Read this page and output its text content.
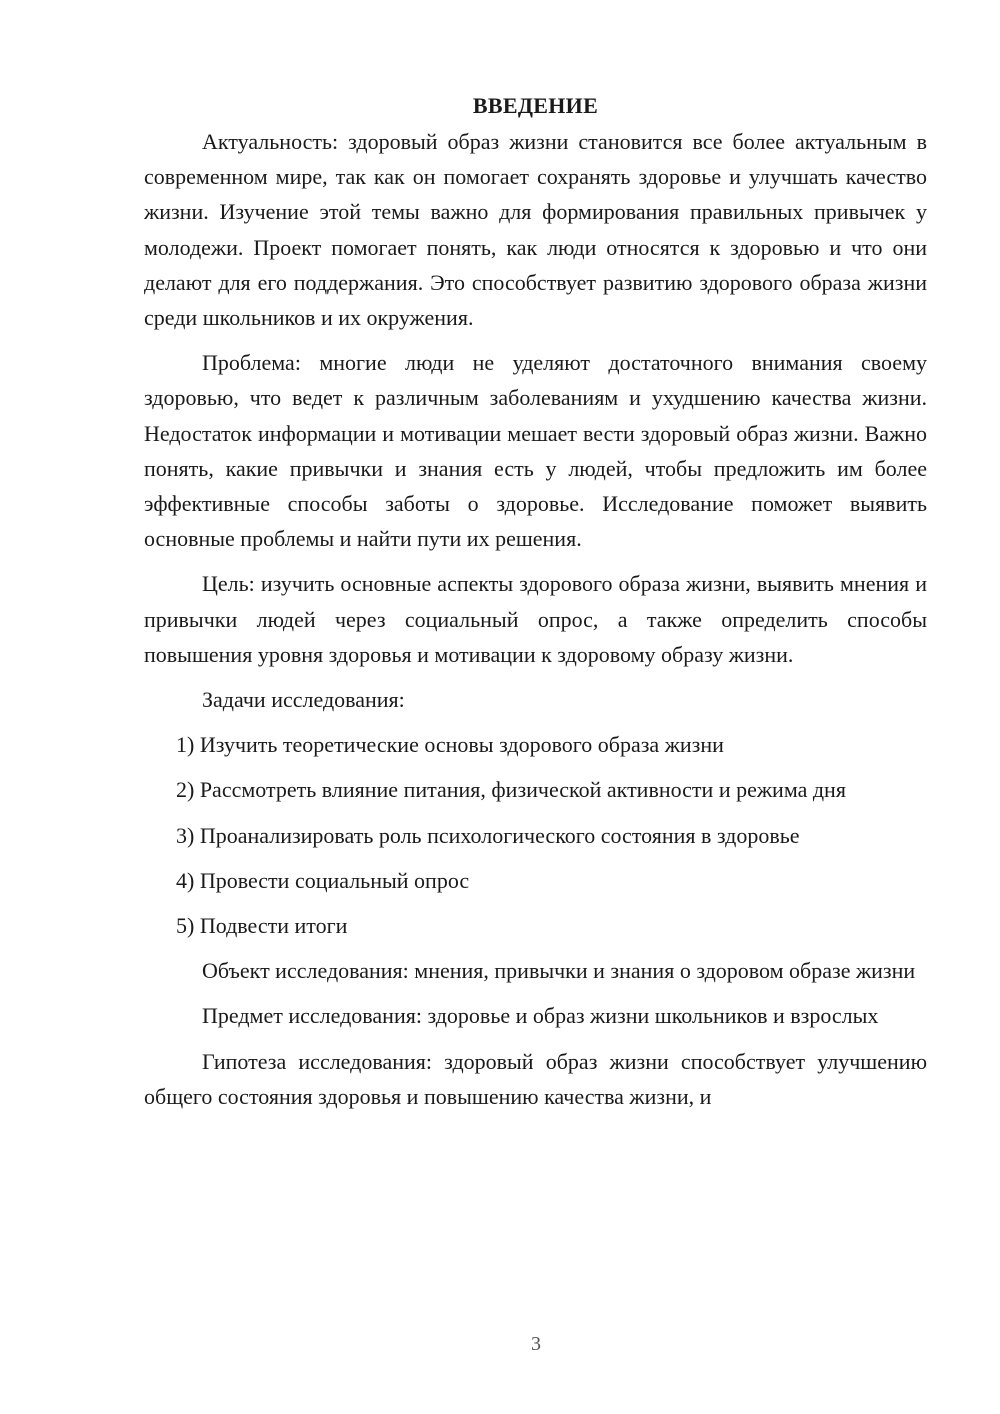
ВВЕДЕНИЕ

Актуальность: здоровый образ жизни становится все более актуальным в современном мире, так как он помогает сохранять здоровье и улучшать качество жизни. Изучение этой темы важно для формирования правильных привычек у молодежи. Проект помогает понять, как люди относятся к здоровью и что они делают для его поддержания. Это способствует развитию здорового образа жизни среди школьников и их окружения.

Проблема: многие люди не уделяют достаточного внимания своему здоровью, что ведет к различным заболеваниям и ухудшению качества жизни. Недостаток информации и мотивации мешает вести здоровый образ жизни. Важно понять, какие привычки и знания есть у людей, чтобы предложить им более эффективные способы заботы о здоровье. Исследование поможет выявить основные проблемы и найти пути их решения.

Цель: изучить основные аспекты здорового образа жизни, выявить мнения и привычки людей через социальный опрос, а также определить способы повышения уровня здоровья и мотивации к здоровому образу жизни.

Задачи исследования:

1) Изучить теоретические основы здорового образа жизни
2) Рассмотреть влияние питания, физической активности и режима дня
3) Проанализировать роль психологического состояния в здоровье
4) Провести социальный опрос
5) Подвести итоги

Объект исследования: мнения, привычки и знания о здоровом образе жизни

Предмет исследования: здоровье и образ жизни школьников и взрослых

Гипотеза исследования: здоровый образ жизни способствует улучшению общего состояния здоровья и повышению качества жизни, и

3
